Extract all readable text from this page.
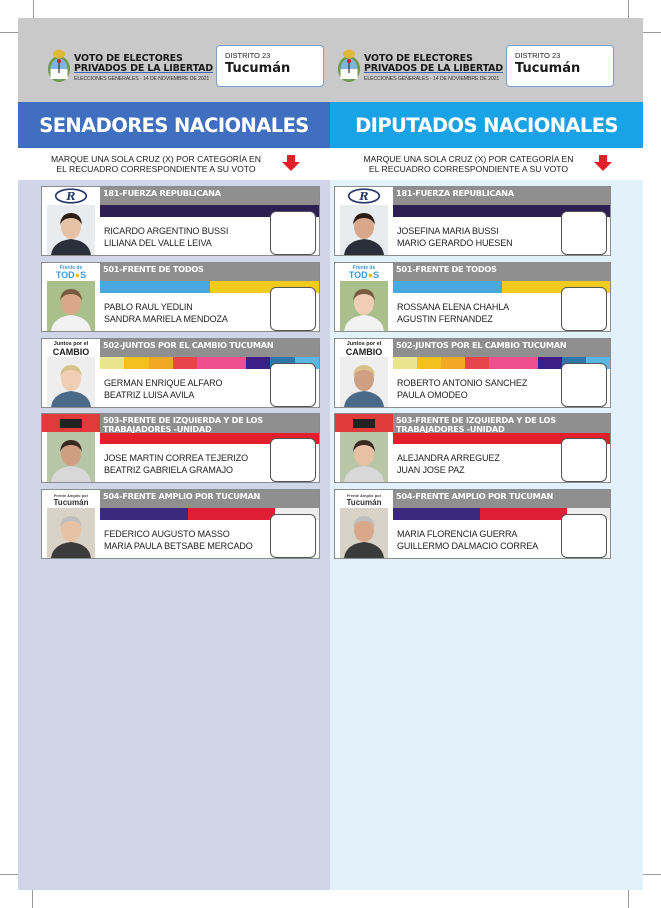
VOTO DE ELECTORES
PRIVADOS DE LA LIBERTAD
ELECCIONES GENERALES - 14 DE NOVIEMBRE DE 2021
DISTRITO 23
Tucumán
SENADORES NACIONALES
MARQUE UNA SOLA CRUZ (X) POR CATEGORÍA EN
EL RECUADRO CORRESPONDIENTE A SU VOTO
R	181-FUERZA REPUBLICANA
RICARDO ARGENTINO BUSSI
LILIANA DEL VALLE LEIVA
Frente de
TOD●S
501-FRENTE DE TODOS
PABLO RAUL YEDLIN
SANDRA MARIELA MENDOZA
Juntos por el
CAMBIO
502-JUNTOS POR EL CAMBIO TUCUMAN
GERMAN ENRIQUE ALFARO
BEATRIZ LUISA AVILA
503-FRENTE DE IZQUIERDA Y DE LOS TRABAJADORES -UNIDAD
JOSE MARTIN CORREA TEJERIZO
BEATRIZ GABRIELA GRAMAJO
Frente Amplio por
Tucumán
504-FRENTE AMPLIO POR TUCUMAN
FEDERICO AUGUSTO MASSO
MARIA PAULA BETSABE MERCADO
VOTO DE ELECTORES
PRIVADOS DE LA LIBERTAD
ELECCIONES GENERALES - 14 DE NOVIEMBRE DE 2021
DISTRITO 23
Tucumán
DIPUTADOS NACIONALES
MARQUE UNA SOLA CRUZ (X) POR CATEGORÍA EN
EL RECUADRO CORRESPONDIENTE A SU VOTO
R	181-FUERZA REPUBLICANA
JOSEFINA MARIA BUSSI
MARIO GERARDO HUESEN
Frente de
TOD●S
501-FRENTE DE TODOS
ROSSANA ELENA CHAHLA
AGUSTIN FERNANDEZ
Juntos por el
CAMBIO
502-JUNTOS POR EL CAMBIO TUCUMAN
ROBERTO ANTONIO SANCHEZ
PAULA OMODEO
503-FRENTE DE IZQUIERDA Y DE LOS TRABAJADORES -UNIDAD
ALEJANDRA ARREGUEZ
JUAN JOSE PAZ
Frente Amplio por
Tucumán
504-FRENTE AMPLIO POR TUCUMAN
MARIA FLORENCIA GUERRA
GUILLERMO DALMACIO CORREA
